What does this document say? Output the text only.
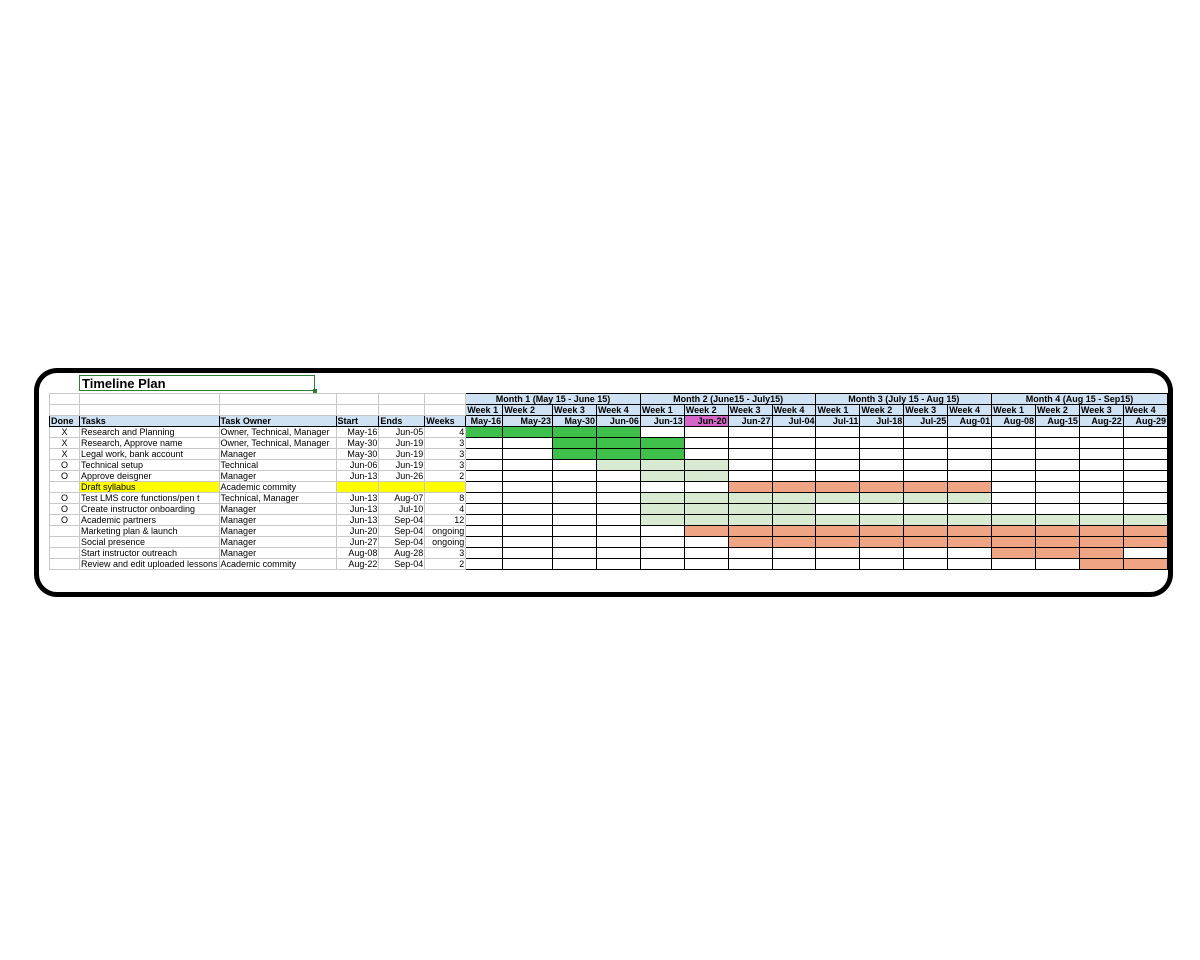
Timeline Plan
						Month 1 (May 15 - June 15)				Month 2 (June15 - July15)				Month 3 (July 15 - Aug 15)				Month 4 (Aug 15 - Sep15)			
						Week 1	Week 2	Week 3	Week 4	Week 1	Week 2	Week 3	Week 4	Week 1	Week 2	Week 3	Week 4	Week 1	Week 2	Week 3	Week 4
Done	Tasks	Task Owner	Start	Ends	Weeks	May-16	May-23	May-30	Jun-06	Jun-13	Jun-20	Jun-27	Jul-04	Jul-11	Jul-18	Jul-25	Aug-01	Aug-08	Aug-15	Aug-22	Aug-29
X	Research and Planning	Owner, Technical, Manager	May-16	Jun-05	4																
X	Research, Approve name	Owner, Technical, Manager	May-30	Jun-19	3																
X	Legal work, bank account	Manager	May-30	Jun-19	3																
O	Technical setup	Technical	Jun-06	Jun-19	3																
O	Approve deisgner	Manager	Jun-13	Jun-26	2																
	Draft syllabus	Academic commity																			
O	Test LMS core functions/pen t	Technical, Manager	Jun-13	Aug-07	8																
O	Create instructor onboarding	Manager	Jun-13	Jul-10	4																
O	Academic partners	Manager	Jun-13	Sep-04	12																
	Marketing plan & launch	Manager	Jun-20	Sep-04	ongoing																
	Social presence	Manager	Jun-27	Sep-04	ongoing																
	Start instructor outreach	Manager	Aug-08	Aug-28	3																
	Review and edit uploaded lessons	Academic commity	Aug-22	Sep-04	2																
